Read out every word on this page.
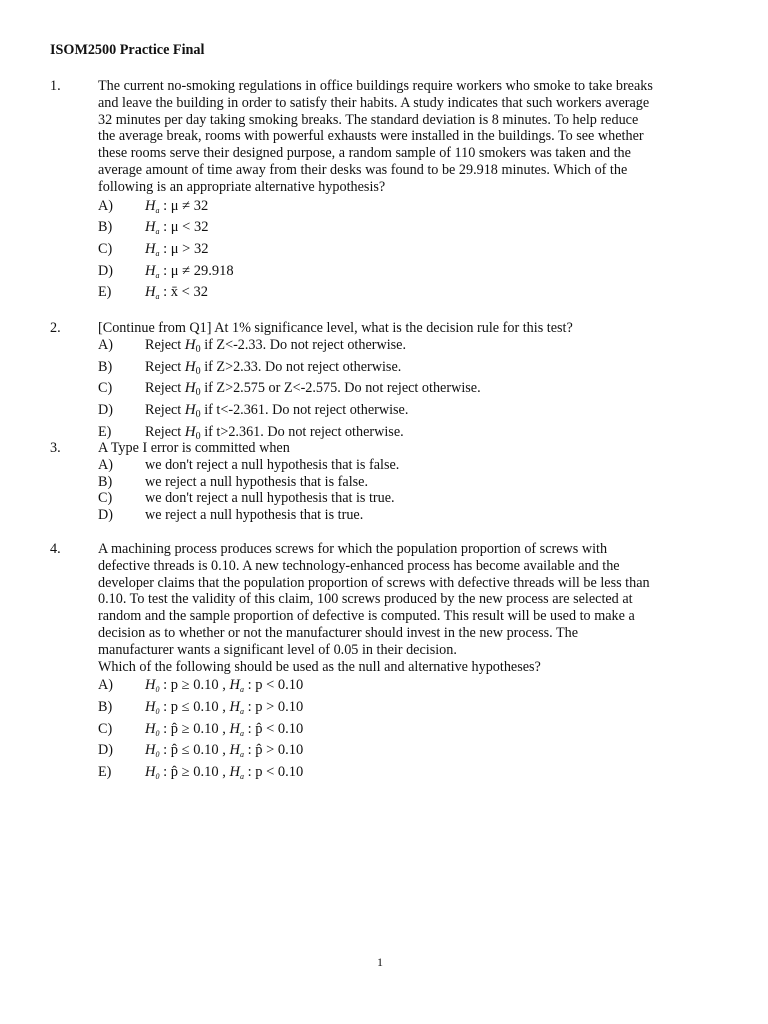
ISOM2500 Practice Final
1.	The current no-smoking regulations in office buildings require workers who smoke to take breaks
and leave the building in order to satisfy their habits. A study indicates that such workers average
32 minutes per day taking smoking breaks. The standard deviation is 8 minutes. To help reduce
the average break, rooms with powerful exhausts were installed in the buildings. To see whether
these rooms serve their designed purpose, a random sample of 110 smokers was taken and the
average amount of time away from their desks was found to be 29.918 minutes. Which of the
following is an appropriate alternative hypothesis?

A)	$H_a$ : μ ≠ 32
B)	$H_a$ : μ < 32
C)	$H_a$ : μ > 32
D)	$H_a$ : μ ≠ 29.918
E)	$H_a$ : x̄ < 32
2.	[Continue from Q1] At 1% significance level, what is the decision rule for this test?

A)	Reject $H_0$ if Z<-2.33. Do not reject otherwise.
B)	Reject $H_0$ if Z>2.33. Do not reject otherwise.
C)	Reject $H_0$ if Z>2.575 or Z<-2.575. Do not reject otherwise.
D)	Reject $H_0$ if t<-2.361. Do not reject otherwise.
E)	Reject $H_0$ if t>2.361. Do not reject otherwise.
3.	A Type I error is committed when

A)	we don't reject a null hypothesis that is false.
B)	we reject a null hypothesis that is false.
C)	we don't reject a null hypothesis that is true.
D)	we reject a null hypothesis that is true.
4.	A machining process produces screws for which the population proportion of screws with
defective threads is 0.10. A new technology-enhanced process has become available and the
developer claims that the population proportion of screws with defective threads will be less than
0.10. To test the validity of this claim, 100 screws produced by the new process are selected at
random and the sample proportion of defective is computed. This result will be used to make a
decision as to whether or not the manufacturer should invest in the new process. The
manufacturer wants a significant level of 0.05 in their decision.
Which of the following should be used as the null and alternative hypotheses?

A)	$H_0$ : p ≥ 0.10 , $H_a$ : p < 0.10
B)	$H_0$ : p ≤ 0.10 , $H_a$ : p > 0.10
C)	$H_0$ : p̂ ≥ 0.10 , $H_a$ : p̂ < 0.10
D)	$H_0$ : p̂ ≤ 0.10 , $H_a$ : p̂ > 0.10
E)	$H_0$ : p̂ ≥ 0.10 , $H_a$ : p < 0.10
1
